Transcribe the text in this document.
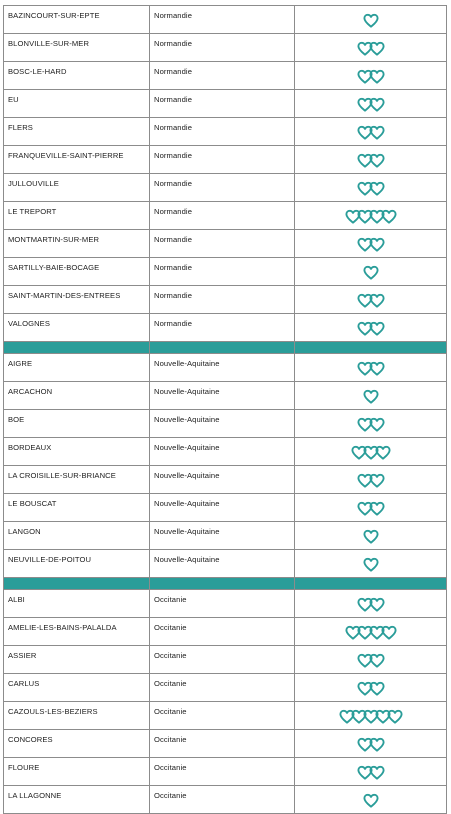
BAZINCOURT-SUR-EPTE	Normandie	

BLONVILLE-SUR-MER	Normandie	

BOSC-LE-HARD	Normandie	

EU	Normandie	

FLERS	Normandie	

FRANQUEVILLE-SAINT-PIERRE	Normandie	

JULLOUVILLE	Normandie	

LE TREPORT	Normandie	

MONTMARTIN-SUR-MER	Normandie	

SARTILLY-BAIE-BOCAGE	Normandie	

SAINT-MARTIN-DES-ENTREES	Normandie	

VALOGNES	Normandie	

AIGRE	Nouvelle-Aquitaine	

ARCACHON	Nouvelle-Aquitaine	

BOE	Nouvelle-Aquitaine	

BORDEAUX	Nouvelle-Aquitaine	

LA CROISILLE-SUR-BRIANCE	Nouvelle-Aquitaine	

LE BOUSCAT	Nouvelle-Aquitaine	

LANGON	Nouvelle-Aquitaine	

NEUVILLE-DE-POITOU	Nouvelle-Aquitaine	

ALBI	Occitanie	

AMELIE-LES-BAINS-PALALDA	Occitanie	

ASSIER	Occitanie	

CARLUS	Occitanie	

CAZOULS-LES-BEZIERS	Occitanie	

CONCORES	Occitanie	

FLOURE	Occitanie	

LA LLAGONNE	Occitanie	
